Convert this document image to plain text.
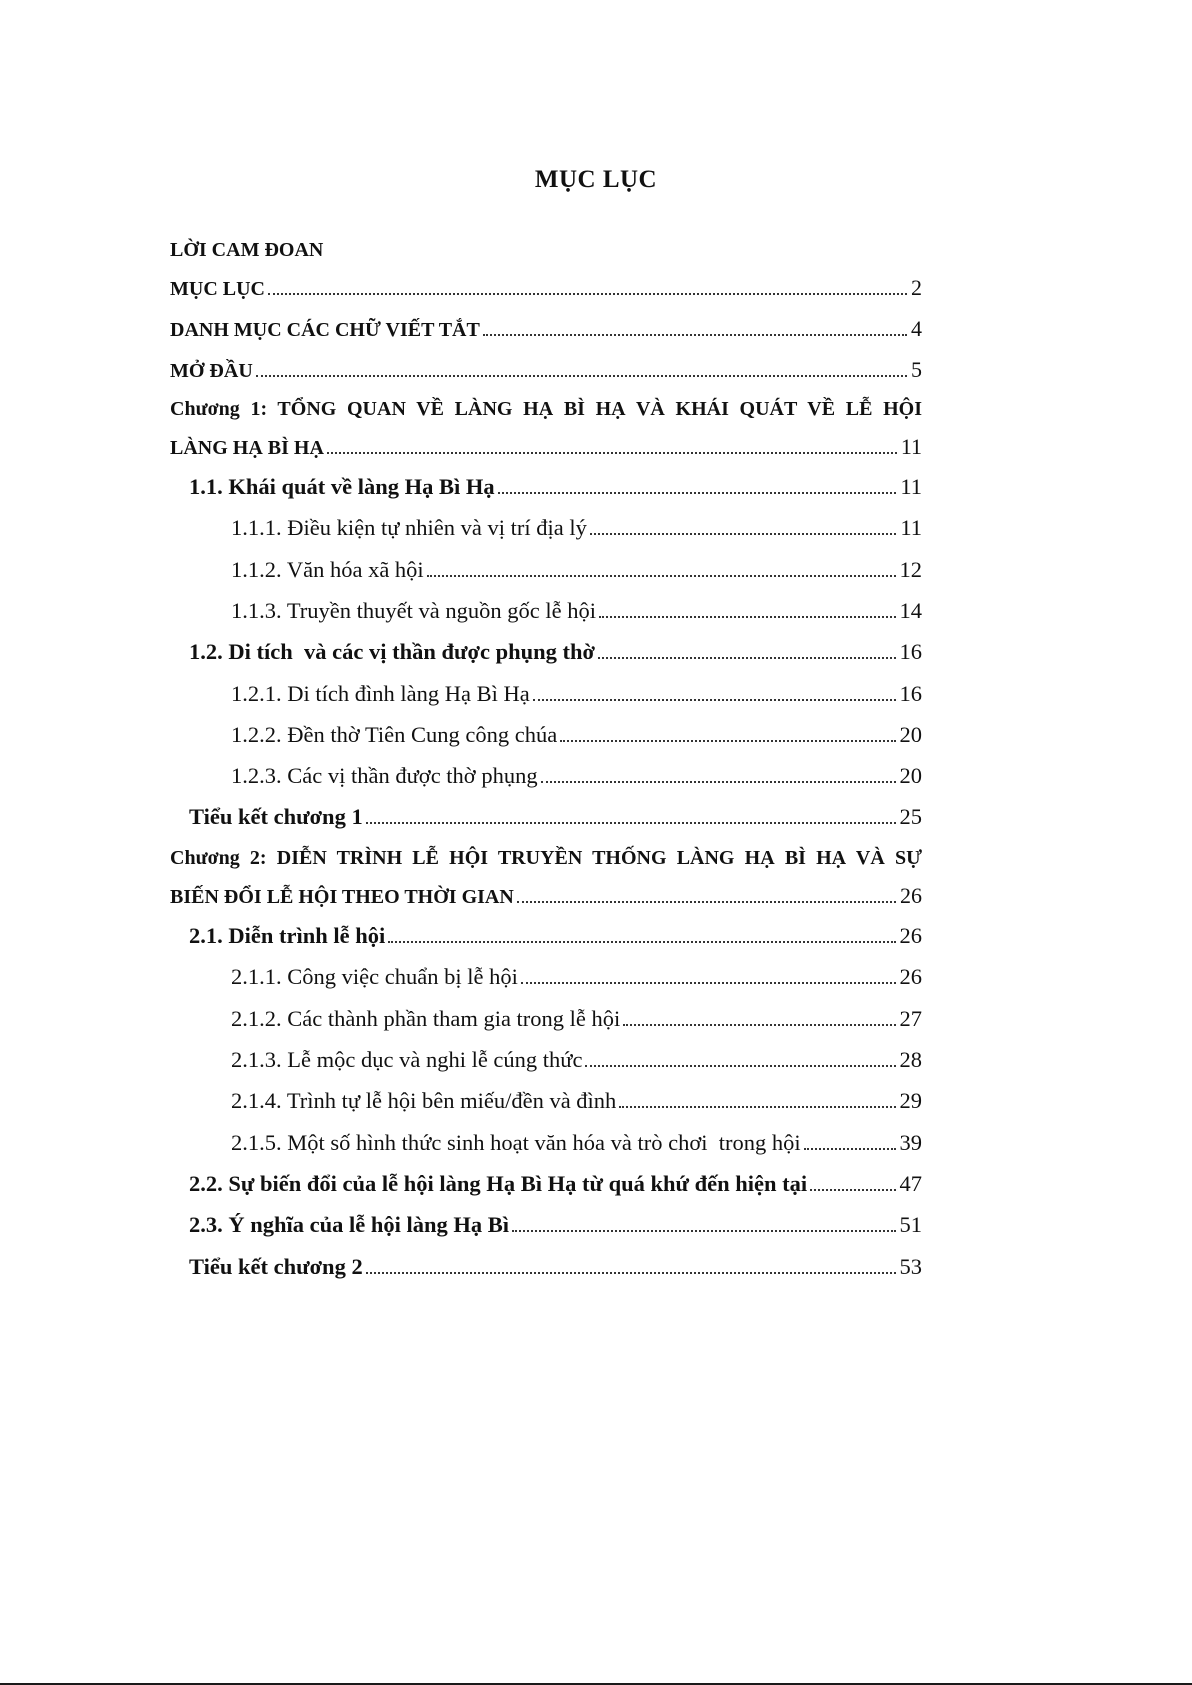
MỤC LỤC
LỜI CAM ĐOAN
MỤC LỤC	2
DANH MỤC CÁC CHỮ VIẾT TẮT	4
MỞ ĐẦU	5
Chương 1: TỔNG QUAN VỀ LÀNG HẠ BÌ HẠ VÀ KHÁI QUÁT VỀ LỄ HỘI
LÀNG HẠ BÌ HẠ	11
1.1. Khái quát về làng Hạ Bì Hạ	11
1.1.1. Điều kiện tự nhiên và vị trí địa lý	11
1.1.2. Văn hóa xã hội	12
1.1.3. Truyền thuyết và nguồn gốc lễ hội	14
1.2. Di tích  và các vị thần được phụng thờ	16
1.2.1. Di tích đình làng Hạ Bì Hạ	16
1.2.2. Đền thờ Tiên Cung công chúa	20
1.2.3. Các vị thần được thờ phụng	20
Tiểu kết chương 1	25
Chương 2: DIỄN TRÌNH LỄ HỘI TRUYỀN THỐNG LÀNG HẠ BÌ HẠ VÀ SỰ
BIẾN ĐỔI LỄ HỘI THEO THỜI GIAN	26
2.1. Diễn trình lễ hội	26
2.1.1. Công việc chuẩn bị lễ hội	26
2.1.2. Các thành phần tham gia trong lễ hội	27
2.1.3. Lễ mộc dục và nghi lễ cúng thức	28
2.1.4. Trình tự lễ hội bên miếu/đền và đình	29
2.1.5. Một số hình thức sinh hoạt văn hóa và trò chơi  trong hội	39
2.2. Sự biến đổi của lễ hội làng Hạ Bì Hạ từ quá khứ đến hiện tại	47
2.3. Ý nghĩa của lễ hội làng Hạ Bì	51
Tiểu kết chương 2	53
